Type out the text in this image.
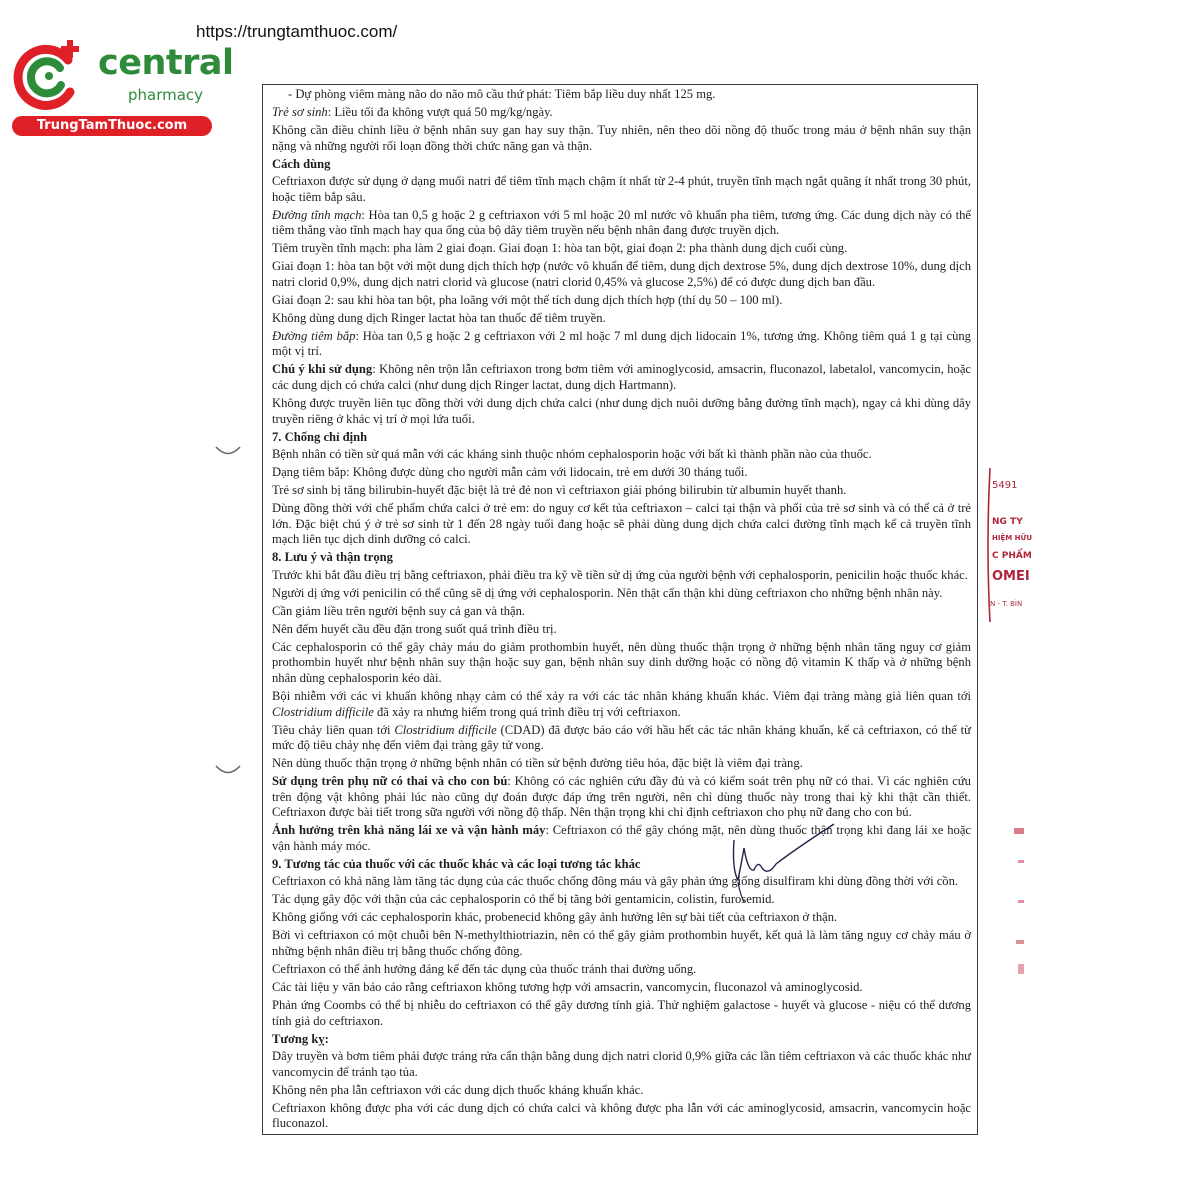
https://trungtamthuoc.com/
central
pharmacy
TrungTamThuoc.com

- Dự phòng viêm màng não do não mô cầu thứ phát: Tiêm bắp liều duy nhất 125 mg.

Trẻ sơ sinh: Liều tối đa không vượt quá 50 mg/kg/ngày.

Không cần điều chỉnh liều ở bệnh nhân suy gan hay suy thận. Tuy nhiên, nên theo dõi nồng độ thuốc trong máu ở bệnh nhân suy thận nặng và những người rối loạn đồng thời chức năng gan và thận.

Cách dùng

Ceftriaxon được sử dụng ở dạng muối natri để tiêm tĩnh mạch chậm ít nhất từ 2-4 phút, truyền tĩnh mạch ngắt quãng ít nhất trong 30 phút, hoặc tiêm bắp sâu.

Đường tĩnh mạch: Hòa tan 0,5 g hoặc 2 g ceftriaxon với 5 ml hoặc 20 ml nước vô khuẩn pha tiêm, tương ứng. Các dung dịch này có thể tiêm thẳng vào tĩnh mạch hay qua ống của bộ dây tiêm truyền nếu bệnh nhân đang được truyền dịch.

Tiêm truyền tĩnh mạch: pha làm 2 giai đoạn. Giai đoạn 1: hòa tan bột, giai đoạn 2: pha thành dung dịch cuối cùng.

Giai đoạn 1: hòa tan bột với một dung dịch thích hợp (nước vô khuẩn để tiêm, dung dịch dextrose 5%, dung dịch dextrose 10%, dung dịch natri clorid 0,9%, dung dịch natri clorid và glucose (natri clorid 0,45% và glucose 2,5%) để có được dung dịch ban đầu.

Giai đoạn 2: sau khi hòa tan bột, pha loãng với một thể tích dung dịch thích hợp (thí dụ 50 – 100 ml).

Không dùng dung dịch Ringer lactat hòa tan thuốc để tiêm truyền.

Đường tiêm bắp: Hòa tan 0,5 g hoặc 2 g ceftriaxon với 2 ml hoặc 7 ml dung dịch lidocain 1%, tương ứng. Không tiêm quá 1 g tại cùng một vị trí.

Chú ý khi sử dụng: Không nên trộn lẫn ceftriaxon trong bơm tiêm với aminoglycosid, amsacrin, fluconazol, labetalol, vancomycin, hoặc các dung dịch có chứa calci (như dung dịch Ringer lactat, dung dịch Hartmann).

Không được truyền liên tục đồng thời với dung dịch chứa calci (như dung dịch nuôi dưỡng bằng đường tĩnh mạch), ngay cả khi dùng dây truyền riêng ở khác vị trí ở mọi lứa tuổi.

7. Chống chỉ định

Bệnh nhân có tiền sử quá mẫn với các kháng sinh thuộc nhóm cephalosporin hoặc với bất kì thành phần nào của thuốc.

Dạng tiêm bắp: Không được dùng cho người mẫn cảm với lidocain, trẻ em dưới 30 tháng tuổi.

Trẻ sơ sinh bị tăng bilirubin-huyết đặc biệt là trẻ đẻ non vì ceftriaxon giải phóng bilirubin từ albumin huyết thanh.

Dùng đồng thời với chế phẩm chứa calci ở trẻ em: do nguy cơ kết tủa ceftriaxon – calci tại thận và phổi của trẻ sơ sinh và có thể cả ở trẻ lớn. Đặc biệt chú ý ở trẻ sơ sinh từ 1 đến 28 ngày tuổi đang hoặc sẽ phải dùng dung dịch chứa calci đường tĩnh mạch kể cả truyền tĩnh mạch liên tục dịch dinh dưỡng có calci.

8. Lưu ý và thận trọng

Trước khi bắt đầu điều trị bằng ceftriaxon, phải điều tra kỹ về tiền sử dị ứng của người bệnh với cephalosporin, penicilin hoặc thuốc khác.

Người dị ứng với penicilin có thể cũng sẽ dị ứng với cephalosporin. Nên thật cẩn thận khi dùng ceftriaxon cho những bệnh nhân này.

Cần giảm liều trên người bệnh suy cả gan và thận.

Nên đếm huyết cầu đều đặn trong suốt quá trình điều trị.

Các cephalosporin có thể gây chảy máu do giảm prothombin huyết, nên dùng thuốc thận trọng ở những bệnh nhân tăng nguy cơ giảm prothombin huyết như bệnh nhân suy thận hoặc suy gan, bệnh nhân suy dinh dưỡng hoặc có nồng độ vitamin K thấp và ở những bệnh nhân dùng cephalosporin kéo dài.

Bội nhiễm với các vi khuẩn không nhạy cảm có thể xảy ra với các tác nhân kháng khuẩn khác. Viêm đại tràng màng giả liên quan tới Clostridium difficile đã xảy ra nhưng hiếm trong quá trình điều trị với ceftriaxon.

Tiêu chảy liên quan tới Clostridium difficile (CDAD) đã được báo cáo với hầu hết các tác nhân kháng khuẩn, kể cả ceftriaxon, có thể từ mức độ tiêu chảy nhẹ đến viêm đại tràng gây tử vong.

Nên dùng thuốc thận trọng ở những bệnh nhân có tiền sử bệnh đường tiêu hóa, đặc biệt là viêm đại tràng.

Sử dụng trên phụ nữ có thai và cho con bú: Không có các nghiên cứu đầy đủ và có kiểm soát trên phụ nữ có thai. Vì các nghiên cứu trên động vật không phải lúc nào cũng dự đoán được đáp ứng trên người, nên chỉ dùng thuốc này trong thai kỳ khi thật cần thiết. Ceftriaxon được bài tiết trong sữa người với nồng độ thấp. Nên thận trọng khi chỉ định ceftriaxon cho phụ nữ đang cho con bú.

Ảnh hưởng trên khả năng lái xe và vận hành máy: Ceftriaxon có thể gây chóng mặt, nên dùng thuốc thận trọng khi đang lái xe hoặc vận hành máy móc.

9. Tương tác của thuốc với các thuốc khác và các loại tương tác khác

Ceftriaxon có khả năng làm tăng tác dụng của các thuốc chống đông máu và gây phản ứng giống disulfiram khi dùng đồng thời với cồn.

Tác dụng gây độc với thận của các cephalosporin có thể bị tăng bởi gentamicin, colistin, furosemid.

Không giống với các cephalosporin khác, probenecid không gây ảnh hưởng lên sự bài tiết của ceftriaxon ở thận.

Bởi vì ceftriaxon có một chuỗi bên N-methylthiotriazin, nên có thể gây giảm prothombin huyết, kết quả là làm tăng nguy cơ chảy máu ở những bệnh nhân điều trị bằng thuốc chống đông.

Ceftriaxon có thể ảnh hưởng đáng kể đến tác dụng của thuốc tránh thai đường uống.

Các tài liệu y văn báo cáo rằng ceftriaxon không tương hợp với amsacrin, vancomycin, fluconazol và aminoglycosid.

Phản ứng Coombs có thể bị nhiễu do ceftriaxon có thể gây dương tính giả. Thử nghiệm galactose - huyết và glucose - niệu có thể dương tính giả do ceftriaxon.

Tương kỵ:

Dây truyền và bơm tiêm phải được tráng rửa cẩn thận bằng dung dịch natri clorid 0,9% giữa các lần tiêm ceftriaxon và các thuốc khác như vancomycin để tránh tạo tủa.

Không nên pha lẫn ceftriaxon với các dung dịch thuốc kháng khuẩn khác.

Ceftriaxon không được pha với các dung dịch có chứa calci và không được pha lẫn với các aminoglycosid, amsacrin, vancomycin hoặc fluconazol.

5491
NG TY
HIỆM HỮU
C PHẨM
OMEI
N - T. BÌN
